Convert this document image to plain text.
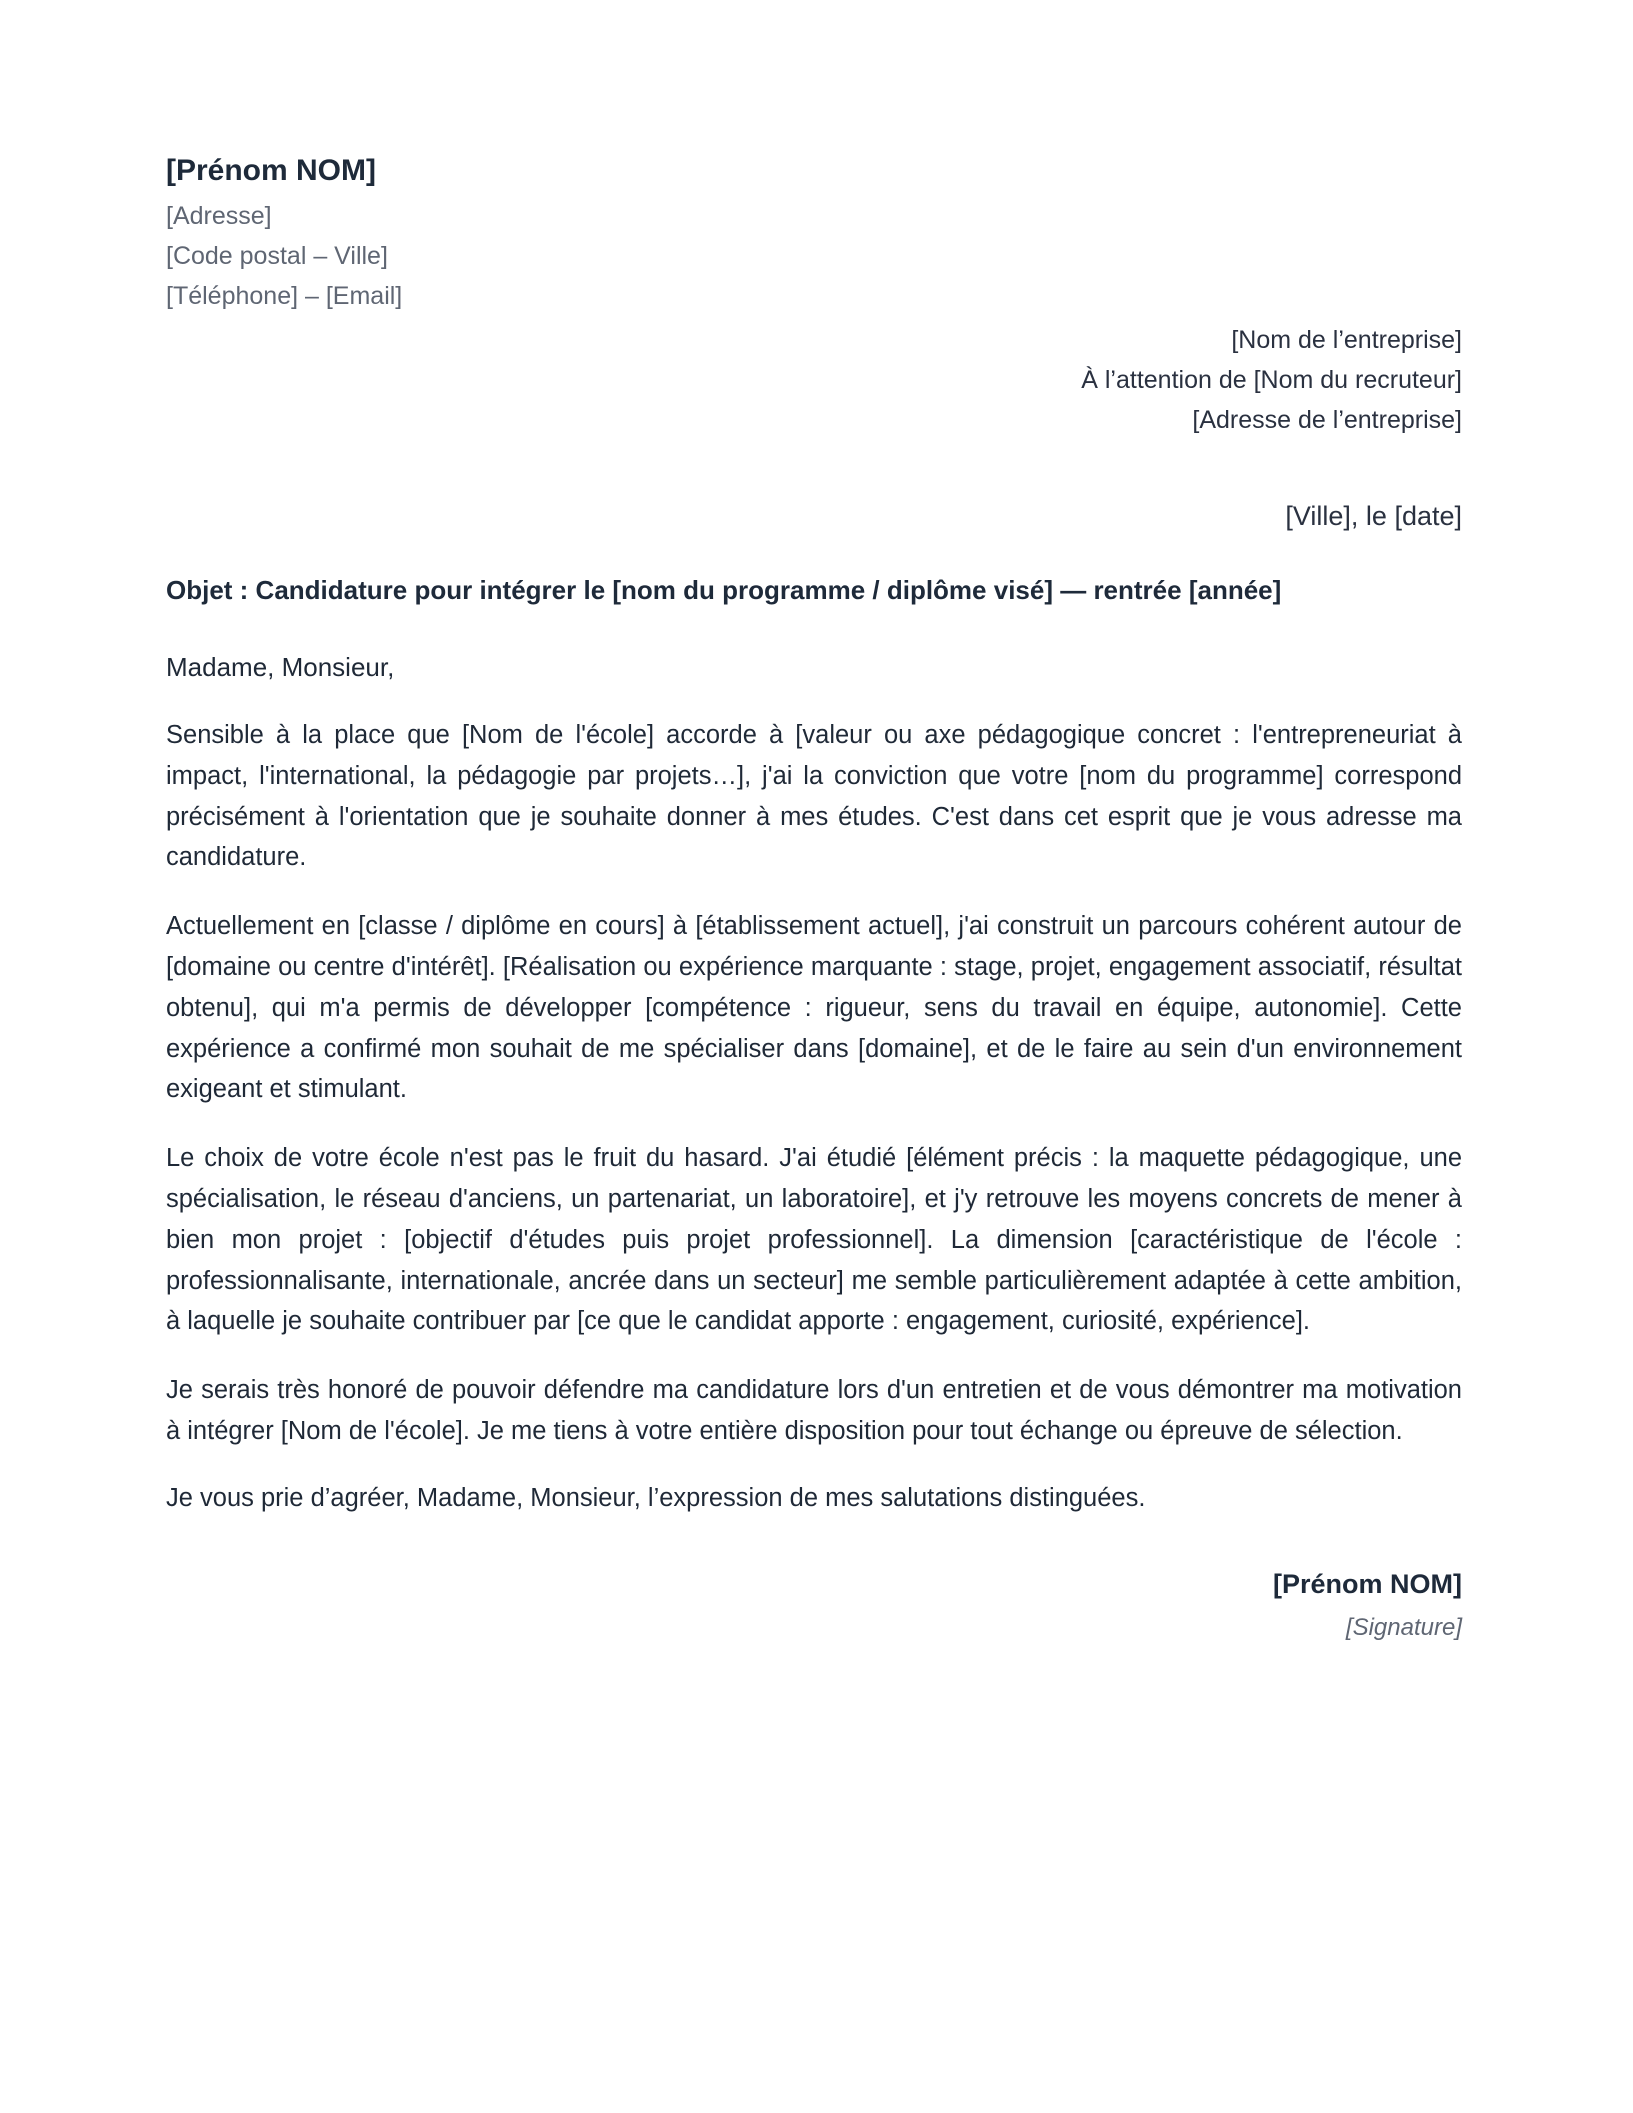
[Prénom NOM]
[Adresse]
[Code postal – Ville]
[Téléphone] – [Email]
[Nom de l’entreprise]
À l’attention de [Nom du recruteur]
[Adresse de l’entreprise]
[Ville], le [date]
Objet : Candidature pour intégrer le [nom du programme / diplôme visé] — rentrée [année]
Madame, Monsieur,
Sensible à la place que [Nom de l'école] accorde à [valeur ou axe pédagogique concret : l'entrepreneuriat à impact, l'international, la pédagogie par projets…], j'ai la conviction que votre [nom du programme] correspond précisément à l'orientation que je souhaite donner à mes études. C'est dans cet esprit que je vous adresse ma candidature.
Actuellement en [classe / diplôme en cours] à [établissement actuel], j'ai construit un parcours cohérent autour de [domaine ou centre d'intérêt]. [Réalisation ou expérience marquante : stage, projet, engagement associatif, résultat obtenu], qui m'a permis de développer [compétence : rigueur, sens du travail en équipe, autonomie]. Cette expérience a confirmé mon souhait de me spécialiser dans [domaine], et de le faire au sein d'un environnement exigeant et stimulant.
Le choix de votre école n'est pas le fruit du hasard. J'ai étudié [élément précis : la maquette pédagogique, une spécialisation, le réseau d'anciens, un partenariat, un laboratoire], et j'y retrouve les moyens concrets de mener à bien mon projet : [objectif d'études puis projet professionnel]. La dimension [caractéristique de l'école : professionnalisante, internationale, ancrée dans un secteur] me semble particulièrement adaptée à cette ambition, à laquelle je souhaite contribuer par [ce que le candidat apporte : engagement, curiosité, expérience].
Je serais très honoré de pouvoir défendre ma candidature lors d'un entretien et de vous démontrer ma motivation à intégrer [Nom de l'école]. Je me tiens à votre entière disposition pour tout échange ou épreuve de sélection.
Je vous prie d’agréer, Madame, Monsieur, l’expression de mes salutations distinguées.
[Prénom NOM]
[Signature]
